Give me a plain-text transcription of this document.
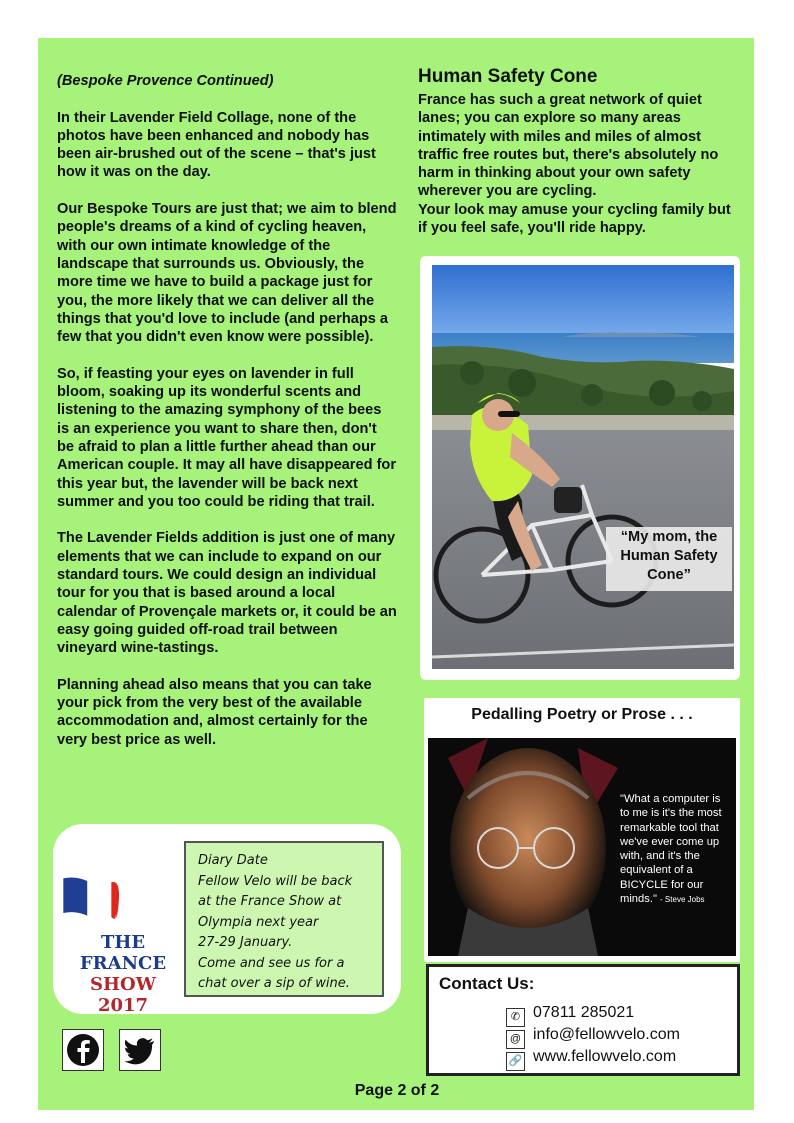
(Bespoke Provence Continued)

In their Lavender Field Collage, none of the photos have been enhanced and nobody has been air-brushed out of the scene – that's just how it was on the day.

Our Bespoke Tours are just that; we aim to blend people's dreams of a kind of cycling heaven, with our own intimate knowledge of the landscape that surrounds us. Obviously, the more time we have to build a package just for you, the more likely that we can deliver all the things that you'd love to include (and perhaps a few that you didn't even know were possible).

So, if feasting your eyes on lavender in full bloom, soaking up its wonderful scents and listening to the amazing symphony of the bees is an experience you want to share then, don't be afraid to plan a little further ahead than our American couple. It may all have disappeared for this year but, the lavender will be back next summer and you too could be riding that trail.

The Lavender Fields addition is just one of many elements that we can include to expand on our standard tours. We could design an individual tour for you that is based around a local calendar of Provençale markets or, it could be an easy going guided off-road trail between vineyard wine-tastings.

Planning ahead also means that you can take your pick from the very best of the available accommodation and, almost certainly for the very best price as well.

Human Safety Cone

France has such a great network of quiet lanes; you can explore so many areas intimately with miles and miles of almost traffic free routes but, there's absolutely no harm in thinking about your own safety wherever you are cycling.

Your look may amuse your cycling family but if you feel safe, you'll ride happy.

“My mom, the Human Safety Cone”
Pedalling Poetry or Prose . . .
"What a computer is to me is it's the most remarkable tool that we've ever come up with, and it's the equivalent of a BICYCLE for our minds." - Steve Jobs
Contact Us:
✆ 07811 285021
@ info@fellowvelo.com
🔗 www.fellowvelo.com
THE FRANCE
SHOW 2017

Diary Date

Fellow Velo will be back

at the France Show at

Olympia next year

27-29 January.

Come and see us for a

chat over a sip of wine.

Page 2 of 2
